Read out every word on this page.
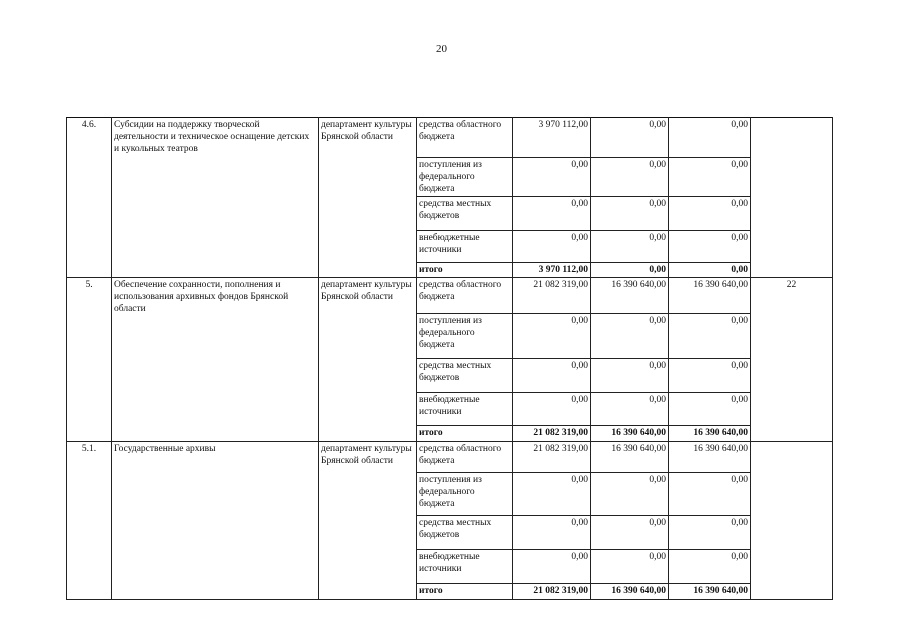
20
4.6.	Субсидии на поддержку творческой деятельности и техническое оснащение детских и кукольных театров	департамент культуры Брянской области	средства областного бюджета	3 970 112,00	0,00	0,00	
			поступления из федерального бюджета	0,00	0,00	0,00	
			средства местных бюджетов	0,00	0,00	0,00	
			внебюджетные источники	0,00	0,00	0,00	
			итого	3 970 112,00	0,00	0,00	
5.	Обеспечение сохранности, пополнения и использования архивных фондов Брянской области	департамент культуры Брянской области	средства областного бюджета	21 082 319,00	16 390 640,00	16 390 640,00	22
			поступления из федерального бюджета	0,00	0,00	0,00	
			средства местных бюджетов	0,00	0,00	0,00	
			внебюджетные источники	0,00	0,00	0,00	
			итого	21 082 319,00	16 390 640,00	16 390 640,00	
5.1.	Государственные архивы	департамент культуры Брянской области	средства областного бюджета	21 082 319,00	16 390 640,00	16 390 640,00	
			поступления из федерального бюджета	0,00	0,00	0,00	
			средства местных бюджетов	0,00	0,00	0,00	
			внебюджетные источники	0,00	0,00	0,00	
			итого	21 082 319,00	16 390 640,00	16 390 640,00	
